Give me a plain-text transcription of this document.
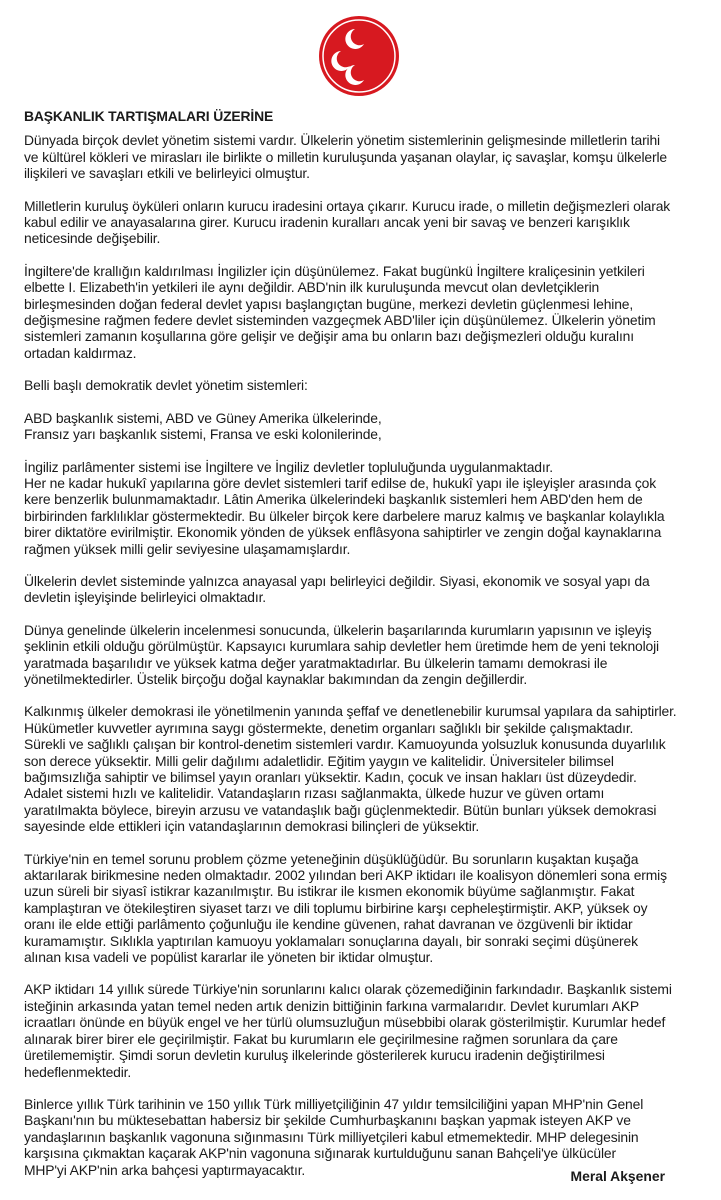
BAŞKANLIK TARTIŞMALARI ÜZERİNE
Dünyada birçok devlet yönetim sistemi vardır. Ülkelerin yönetim sistemlerinin gelişmesinde milletlerin tarihi
ve kültürel kökleri ve mirasları ile birlikte o milletin kuruluşunda yaşanan olaylar, iç savaşlar, komşu ülkelerle
ilişkileri ve savaşları etkili ve belirleyici olmuştur.
Milletlerin kuruluş öyküleri onların kurucu iradesini ortaya çıkarır. Kurucu irade, o milletin değişmezleri olarak
kabul edilir ve anayasalarına girer. Kurucu iradenin kuralları ancak yeni bir savaş ve benzeri karışıklık
neticesinde değişebilir.
İngiltere'de krallığın kaldırılması İngilizler için düşünülemez. Fakat bugünkü İngiltere kraliçesinin yetkileri
elbette I. Elizabeth'in yetkileri ile aynı değildir. ABD'nin ilk kuruluşunda mevcut olan devletçiklerin
birleşmesinden doğan federal devlet yapısı başlangıçtan bugüne, merkezi devletin güçlenmesi lehine,
değişmesine rağmen federe devlet sisteminden vazgeçmek ABD'liler için düşünülemez. Ülkelerin yönetim
sistemleri zamanın koşullarına göre gelişir ve değişir ama bu onların bazı değişmezleri olduğu kuralını
ortadan kaldırmaz.
Belli başlı demokratik devlet yönetim sistemleri:
ABD başkanlık sistemi, ABD ve Güney Amerika ülkelerinde,
Fransız yarı başkanlık sistemi, Fransa ve eski kolonilerinde,
İngiliz parlâmenter sistemi ise İngiltere ve İngiliz devletler topluluğunda uygulanmaktadır.
Her ne kadar hukukî yapılarına göre devlet sistemleri tarif edilse de, hukukî yapı ile işleyişler arasında çok
kere benzerlik bulunmamaktadır. Lâtin Amerika ülkelerindeki başkanlık sistemleri hem ABD'den hem de
birbirinden farklılıklar göstermektedir. Bu ülkeler birçok kere darbelere maruz kalmış ve başkanlar kolaylıkla
birer diktatöre evirilmiştir. Ekonomik yönden de yüksek enflâsyona sahiptirler ve zengin doğal kaynaklarına
rağmen yüksek milli gelir seviyesine ulaşamamışlardır.
Ülkelerin devlet sisteminde yalnızca anayasal yapı belirleyici değildir. Siyasi, ekonomik ve sosyal yapı da
devletin işleyişinde belirleyici olmaktadır.
Dünya genelinde ülkelerin incelenmesi sonucunda, ülkelerin başarılarında kurumların yapısının ve işleyiş
şeklinin etkili olduğu görülmüştür. Kapsayıcı kurumlara sahip devletler hem üretimde hem de yeni teknoloji
yaratmada başarılıdır ve yüksek katma değer yaratmaktadırlar. Bu ülkelerin tamamı demokrasi ile
yönetilmektedirler. Üstelik birçoğu doğal kaynaklar bakımından da zengin değillerdir.
Kalkınmış ülkeler demokrasi ile yönetilmenin yanında şeffaf ve denetlenebilir kurumsal yapılara da sahiptirler.
Hükümetler kuvvetler ayrımına saygı göstermekte, denetim organları sağlıklı bir şekilde çalışmaktadır.
Sürekli ve sağlıklı çalışan bir kontrol-denetim sistemleri vardır. Kamuoyunda yolsuzluk konusunda duyarlılık
son derece yüksektir. Milli gelir dağılımı adaletlidir. Eğitim yaygın ve kalitelidir. Üniversiteler bilimsel
bağımsızlığa sahiptir ve bilimsel yayın oranları yüksektir. Kadın, çocuk ve insan hakları üst düzeydedir.
Adalet sistemi hızlı ve kalitelidir. Vatandaşların rızası sağlanmakta, ülkede huzur ve güven ortamı
yaratılmakta böylece, bireyin arzusu ve vatandaşlık bağı güçlenmektedir. Bütün bunları yüksek demokrasi
sayesinde elde ettikleri için vatandaşlarının demokrasi bilinçleri de yüksektir.
Türkiye'nin en temel sorunu problem çözme yeteneğinin düşüklüğüdür. Bu sorunların kuşaktan kuşağa
aktarılarak birikmesine neden olmaktadır. 2002 yılından beri AKP iktidarı ile koalisyon dönemleri sona ermiş
uzun süreli bir siyasî istikrar kazanılmıştır. Bu istikrar ile kısmen ekonomik büyüme sağlanmıştır. Fakat
kamplaştıran ve ötekileştiren siyaset tarzı ve dili toplumu birbirine karşı cepheleştirmiştir. AKP, yüksek oy
oranı ile elde ettiği parlâmento çoğunluğu ile kendine güvenen, rahat davranan ve özgüvenli bir iktidar
kuramamıştır. Sıklıkla yaptırılan kamuoyu yoklamaları sonuçlarına dayalı, bir sonraki seçimi düşünerek
alınan kısa vadeli ve popülist kararlar ile yöneten bir iktidar olmuştur.
AKP iktidarı 14 yıllık sürede Türkiye'nin sorunlarını kalıcı olarak çözemediğinin farkındadır. Başkanlık sistemi
isteğinin arkasında yatan temel neden artık denizin bittiğinin farkına varmalarıdır. Devlet kurumları AKP
icraatları önünde en büyük engel ve her türlü olumsuzluğun müsebbibi olarak gösterilmiştir. Kurumlar hedef
alınarak birer birer ele geçirilmiştir. Fakat bu kurumların ele geçirilmesine rağmen sorunlara da çare
üretilememiştir. Şimdi sorun devletin kuruluş ilkelerinde gösterilerek kurucu iradenin değiştirilmesi
hedeflenmektedir.
Binlerce yıllık Türk tarihinin ve 150 yıllık Türk milliyetçiliğinin 47 yıldır temsilciliğini yapan MHP'nin Genel
Başkanı'nın bu müktesebattan habersiz bir şekilde Cumhurbaşkanını başkan yapmak isteyen AKP ve
yandaşlarının başkanlık vagonuna sığınmasını Türk milliyetçileri kabul etmemektedir. MHP delegesinin
karşısına çıkmaktan kaçarak AKP'nin vagonuna sığınarak kurtulduğunu sanan Bahçeli'ye ülkücüler
MHP'yi AKP'nin arka bahçesi yaptırmayacaktır.	Meral Akşener
